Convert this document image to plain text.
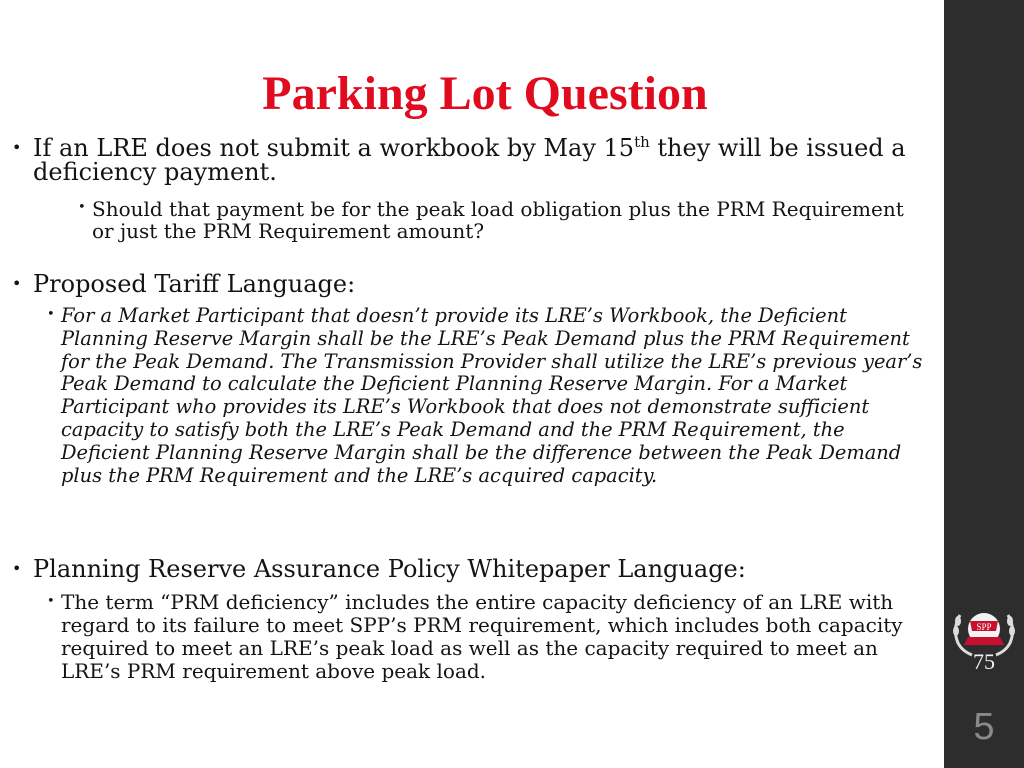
Parking Lot Question
• If an LRE does not submit a workbook by May 15th they will be issued a deficiency payment.
• Should that payment be for the peak load obligation plus the PRM Requirement or just the PRM Requirement amount?
• Proposed Tariff Language:
• For a Market Participant that doesn’t provide its LRE’s Workbook, the Deficient Planning Reserve Margin shall be the LRE’s Peak Demand plus the PRM Requirement for the Peak Demand. The Transmission Provider shall utilize the LRE’s previous year’s Peak Demand to calculate the Deficient Planning Reserve Margin. For a Market Participant who provides its LRE’s Workbook that does not demonstrate sufficient capacity to satisfy both the LRE’s Peak Demand and the PRM Requirement, the Deficient Planning Reserve Margin shall be the difference between the Peak Demand plus the PRM Requirement and the LRE’s acquired capacity.
• Planning Reserve Assurance Policy Whitepaper Language:
• The term “PRM deficiency” includes the entire capacity deficiency of an LRE with regard to its failure to meet SPP’s PRM requirement, which includes both capacity required to meet an LRE’s peak load as well as the capacity required to meet an LRE’s PRM requirement above peak load.
SPP
75
5
